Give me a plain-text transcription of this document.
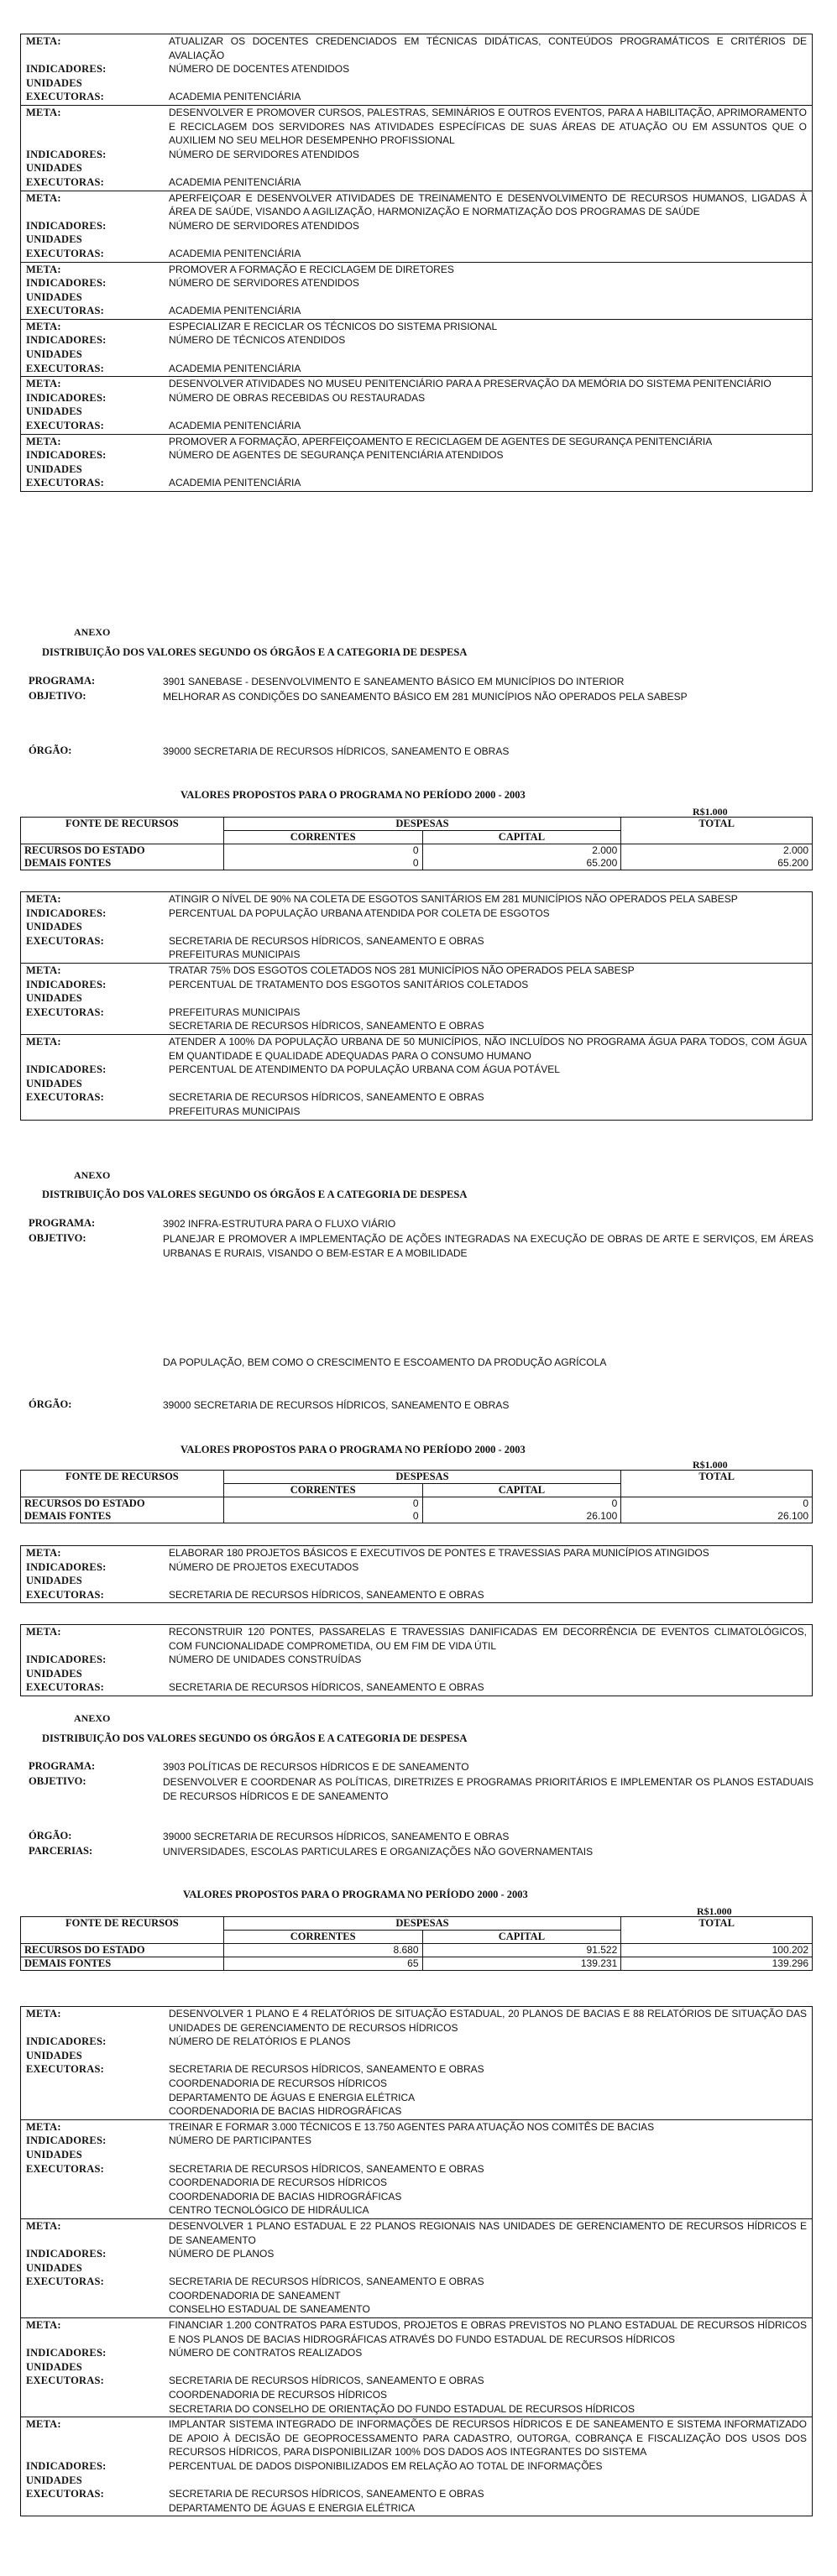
META:	ATUALIZAR OS DOCENTES CREDENCIADOS EM TÉCNICAS DIDÁTICAS, CONTEÚDOS PROGRAMÁTICOS E CRITÉRIOS DE AVALIAÇÃO
INDICADORES:	NÚMERO DE DOCENTES ATENDIDOS
UNIDADES
EXECUTORAS:	ACADEMIA PENITENCIÁRIA
META:	DESENVOLVER E PROMOVER CURSOS, PALESTRAS, SEMINÁRIOS E OUTROS EVENTOS, PARA A HABILITAÇÃO, APRIMORAMENTO E RECICLAGEM DOS SERVIDORES NAS ATIVIDADES ESPECÍFICAS DE SUAS ÁREAS DE ATUAÇÃO OU EM ASSUNTOS QUE O AUXILIEM NO SEU MELHOR DESEMPENHO PROFISSIONAL
INDICADORES:	NÚMERO DE SERVIDORES ATENDIDOS
UNIDADES
EXECUTORAS:	ACADEMIA PENITENCIÁRIA
META:	APERFEIÇOAR E DESENVOLVER ATIVIDADES DE TREINAMENTO E DESENVOLVIMENTO DE RECURSOS HUMANOS, LIGADAS À ÁREA DE SAÚDE, VISANDO A AGILIZAÇÃO, HARMONIZAÇÃO E NORMATIZAÇÃO DOS PROGRAMAS DE SAÚDE
INDICADORES:	NÚMERO DE SERVIDORES ATENDIDOS
UNIDADES
EXECUTORAS:	ACADEMIA PENITENCIÁRIA
META:	PROMOVER A FORMAÇÃO E RECICLAGEM DE DIRETORES
INDICADORES:	NÚMERO DE SERVIDORES ATENDIDOS
UNIDADES
EXECUTORAS:	ACADEMIA PENITENCIÁRIA
META:	ESPECIALIZAR E RECICLAR OS TÉCNICOS DO SISTEMA PRISIONAL
INDICADORES:	NÚMERO DE TÉCNICOS ATENDIDOS
UNIDADES
EXECUTORAS:	ACADEMIA PENITENCIÁRIA
META:	DESENVOLVER ATIVIDADES NO MUSEU PENITENCIÁRIO PARA A PRESERVAÇÃO DA MEMÓRIA DO SISTEMA PENITENCIÁRIO
INDICADORES:	NÚMERO DE OBRAS RECEBIDAS OU RESTAURADAS
UNIDADES
EXECUTORAS:	ACADEMIA PENITENCIÁRIA
META:	PROMOVER A FORMAÇÃO, APERFEIÇOAMENTO E RECICLAGEM DE AGENTES DE SEGURANÇA PENITENCIÁRIA
INDICADORES:	NÚMERO DE AGENTES DE SEGURANÇA PENITENCIÁRIA ATENDIDOS
UNIDADES
EXECUTORAS:	ACADEMIA PENITENCIÁRIA
ANEXO
DISTRIBUIÇÃO DOS VALORES SEGUNDO OS ÓRGÃOS E A CATEGORIA DE DESPESA
PROGRAMA:	3901 SANEBASE - DESENVOLVIMENTO E SANEAMENTO BÁSICO EM MUNICÍPIOS DO INTERIOR
OBJETIVO:	MELHORAR AS CONDIÇÕES DO SANEAMENTO BÁSICO EM 281 MUNICÍPIOS NÃO OPERADOS PELA SABESP
ÓRGÃO:	39000 SECRETARIA DE RECURSOS HÍDRICOS, SANEAMENTO E OBRAS
VALORES PROPOSTOS PARA O PROGRAMA NO PERÍODO 2000 - 2003
R$1.000
FONTE DE RECURSOS	DESPESAS		TOTAL
	CORRENTES	CAPITAL	
RECURSOS DO ESTADO	0	2.000	2.000
DEMAIS FONTES	0	65.200	65.200
META:	ATINGIR O NÍVEL DE 90% NA COLETA DE ESGOTOS SANITÁRIOS EM 281 MUNICÍPIOS NÃO OPERADOS PELA SABESP
INDICADORES:	PERCENTUAL DA POPULAÇÃO URBANA ATENDIDA POR COLETA DE ESGOTOS
UNIDADES
EXECUTORAS:	SECRETARIA DE RECURSOS HÍDRICOS, SANEAMENTO E OBRAS
PREFEITURAS MUNICIPAIS
META:	TRATAR 75% DOS ESGOTOS COLETADOS NOS 281 MUNICÍPIOS NÃO OPERADOS PELA SABESP
INDICADORES:	PERCENTUAL DE TRATAMENTO DOS ESGOTOS SANITÁRIOS COLETADOS
UNIDADES
EXECUTORAS:	PREFEITURAS MUNICIPAIS
SECRETARIA DE RECURSOS HÍDRICOS, SANEAMENTO E OBRAS
META:	ATENDER A 100% DA POPULAÇÃO URBANA DE 50 MUNICÍPIOS, NÃO INCLUÍDOS NO PROGRAMA ÁGUA PARA TODOS, COM ÁGUA EM QUANTIDADE E QUALIDADE ADEQUADAS PARA O CONSUMO HUMANO
INDICADORES:	PERCENTUAL DE ATENDIMENTO DA POPULAÇÃO URBANA COM ÁGUA POTÁVEL
UNIDADES
EXECUTORAS:	SECRETARIA DE RECURSOS HÍDRICOS, SANEAMENTO E OBRAS
PREFEITURAS MUNICIPAIS
ANEXO
DISTRIBUIÇÃO DOS VALORES SEGUNDO OS ÓRGÃOS E A CATEGORIA DE DESPESA
PROGRAMA:	3902 INFRA-ESTRUTURA PARA O FLUXO VIÁRIO
OBJETIVO:	PLANEJAR E PROMOVER A IMPLEMENTAÇÃO DE AÇÕES INTEGRADAS NA EXECUÇÃO DE OBRAS DE ARTE E SERVIÇOS, EM ÁREAS URBANAS E RURAIS, VISANDO O BEM-ESTAR E A MOBILIDADE
DA POPULAÇÃO, BEM COMO O CRESCIMENTO E ESCOAMENTO DA PRODUÇÃO AGRÍCOLA
ÓRGÃO:	39000 SECRETARIA DE RECURSOS HÍDRICOS, SANEAMENTO E OBRAS
VALORES PROPOSTOS PARA O PROGRAMA NO PERÍODO 2000 - 2003
R$1.000
FONTE DE RECURSOS	DESPESAS		TOTAL
	CORRENTES	CAPITAL	
RECURSOS DO ESTADO	0	0	0
DEMAIS FONTES	0	26.100	26.100
META:	ELABORAR 180 PROJETOS BÁSICOS E EXECUTIVOS DE PONTES E TRAVESSIAS PARA MUNICÍPIOS ATINGIDOS
INDICADORES:	NÚMERO DE PROJETOS EXECUTADOS
UNIDADES
EXECUTORAS:	SECRETARIA DE RECURSOS HÍDRICOS, SANEAMENTO E OBRAS
META:	RECONSTRUIR 120 PONTES, PASSARELAS E TRAVESSIAS DANIFICADAS EM DECORRÊNCIA DE EVENTOS CLIMATOLÓGICOS, COM FUNCIONALIDADE COMPROMETIDA, OU EM FIM DE VIDA ÚTIL
INDICADORES:	NÚMERO DE UNIDADES CONSTRUÍDAS
UNIDADES
EXECUTORAS:	SECRETARIA DE RECURSOS HÍDRICOS, SANEAMENTO E OBRAS
ANEXO
DISTRIBUIÇÃO DOS VALORES SEGUNDO OS ÓRGÃOS E A CATEGORIA DE DESPESA
PROGRAMA:	3903 POLÍTICAS DE RECURSOS HÍDRICOS E DE SANEAMENTO
OBJETIVO:	DESENVOLVER E COORDENAR AS POLÍTICAS, DIRETRIZES E PROGRAMAS PRIORITÁRIOS E IMPLEMENTAR OS PLANOS ESTADUAIS DE RECURSOS HÍDRICOS E DE SANEAMENTO
ÓRGÃO:	39000 SECRETARIA DE RECURSOS HÍDRICOS, SANEAMENTO E OBRAS
PARCERIAS:	UNIVERSIDADES, ESCOLAS PARTICULARES E ORGANIZAÇÕES NÃO GOVERNAMENTAIS
VALORES PROPOSTOS PARA O PROGRAMA NO PERÍODO 2000 - 2003
R$1.000
FONTE DE RECURSOS	DESPESAS		TOTAL
	CORRENTES	CAPITAL	
RECURSOS DO ESTADO	8.680	91.522	100.202
DEMAIS FONTES	65	139.231	139.296
META:	DESENVOLVER 1 PLANO E 4 RELATÓRIOS DE SITUAÇÃO ESTADUAL, 20 PLANOS DE BACIAS E 88 RELATÓRIOS DE SITUAÇÃO DAS UNIDADES DE GERENCIAMENTO DE RECURSOS HÍDRICOS
INDICADORES:	NÚMERO DE RELATÓRIOS E PLANOS
UNIDADES
EXECUTORAS:	SECRETARIA DE RECURSOS HÍDRICOS, SANEAMENTO E OBRAS
COORDENADORIA DE RECURSOS HÍDRICOS
DEPARTAMENTO DE ÁGUAS E ENERGIA ELÉTRICA
COORDENADORIA DE BACIAS HIDROGRÁFICAS
META:	TREINAR E FORMAR 3.000 TÉCNICOS E 13.750 AGENTES PARA ATUAÇÃO NOS COMITÊS DE BACIAS
INDICADORES:	NÚMERO DE PARTICIPANTES
UNIDADES
EXECUTORAS:	SECRETARIA DE RECURSOS HÍDRICOS, SANEAMENTO E OBRAS
COORDENADORIA DE RECURSOS HÍDRICOS
COORDENADORIA DE BACIAS HIDROGRÁFICAS
CENTRO TECNOLÓGICO DE HIDRÁULICA
META:	DESENVOLVER 1 PLANO ESTADUAL E 22 PLANOS REGIONAIS NAS UNIDADES DE GERENCIAMENTO DE RECURSOS HÍDRICOS E DE SANEAMENTO
INDICADORES:	NÚMERO DE PLANOS
UNIDADES
EXECUTORAS:	SECRETARIA DE RECURSOS HÍDRICOS, SANEAMENTO E OBRAS
COORDENADORIA DE SANEAMENT
CONSELHO ESTADUAL DE SANEAMENTO
META:	FINANCIAR 1.200 CONTRATOS PARA ESTUDOS, PROJETOS E OBRAS PREVISTOS NO PLANO ESTADUAL DE RECURSOS HÍDRICOS E NOS PLANOS DE BACIAS HIDROGRÁFICAS ATRAVÉS DO FUNDO ESTADUAL DE RECURSOS HÍDRICOS
INDICADORES:	NÚMERO DE CONTRATOS REALIZADOS
UNIDADES
EXECUTORAS:	SECRETARIA DE RECURSOS HÍDRICOS, SANEAMENTO E OBRAS
COORDENADORIA DE RECURSOS HÍDRICOS
SECRETARIA DO CONSELHO DE ORIENTAÇÃO DO FUNDO ESTADUAL DE RECURSOS HÍDRICOS
META:	IMPLANTAR SISTEMA INTEGRADO DE INFORMAÇÕES DE RECURSOS HÍDRICOS E DE SANEAMENTO E SISTEMA INFORMATIZADO DE APOIO À DECISÃO DE GEOPROCESSAMENTO PARA CADASTRO, OUTORGA, COBRANÇA E FISCALIZAÇÃO DOS USOS DOS RECURSOS HÍDRICOS, PARA DISPONIBILIZAR 100% DOS DADOS AOS INTEGRANTES DO SISTEMA
INDICADORES:	PERCENTUAL DE DADOS DISPONIBILIZADOS EM RELAÇÃO AO TOTAL DE INFORMAÇÕES
UNIDADES
EXECUTORAS:	SECRETARIA DE RECURSOS HÍDRICOS, SANEAMENTO E OBRAS
DEPARTAMENTO DE ÁGUAS E ENERGIA ELÉTRICA
